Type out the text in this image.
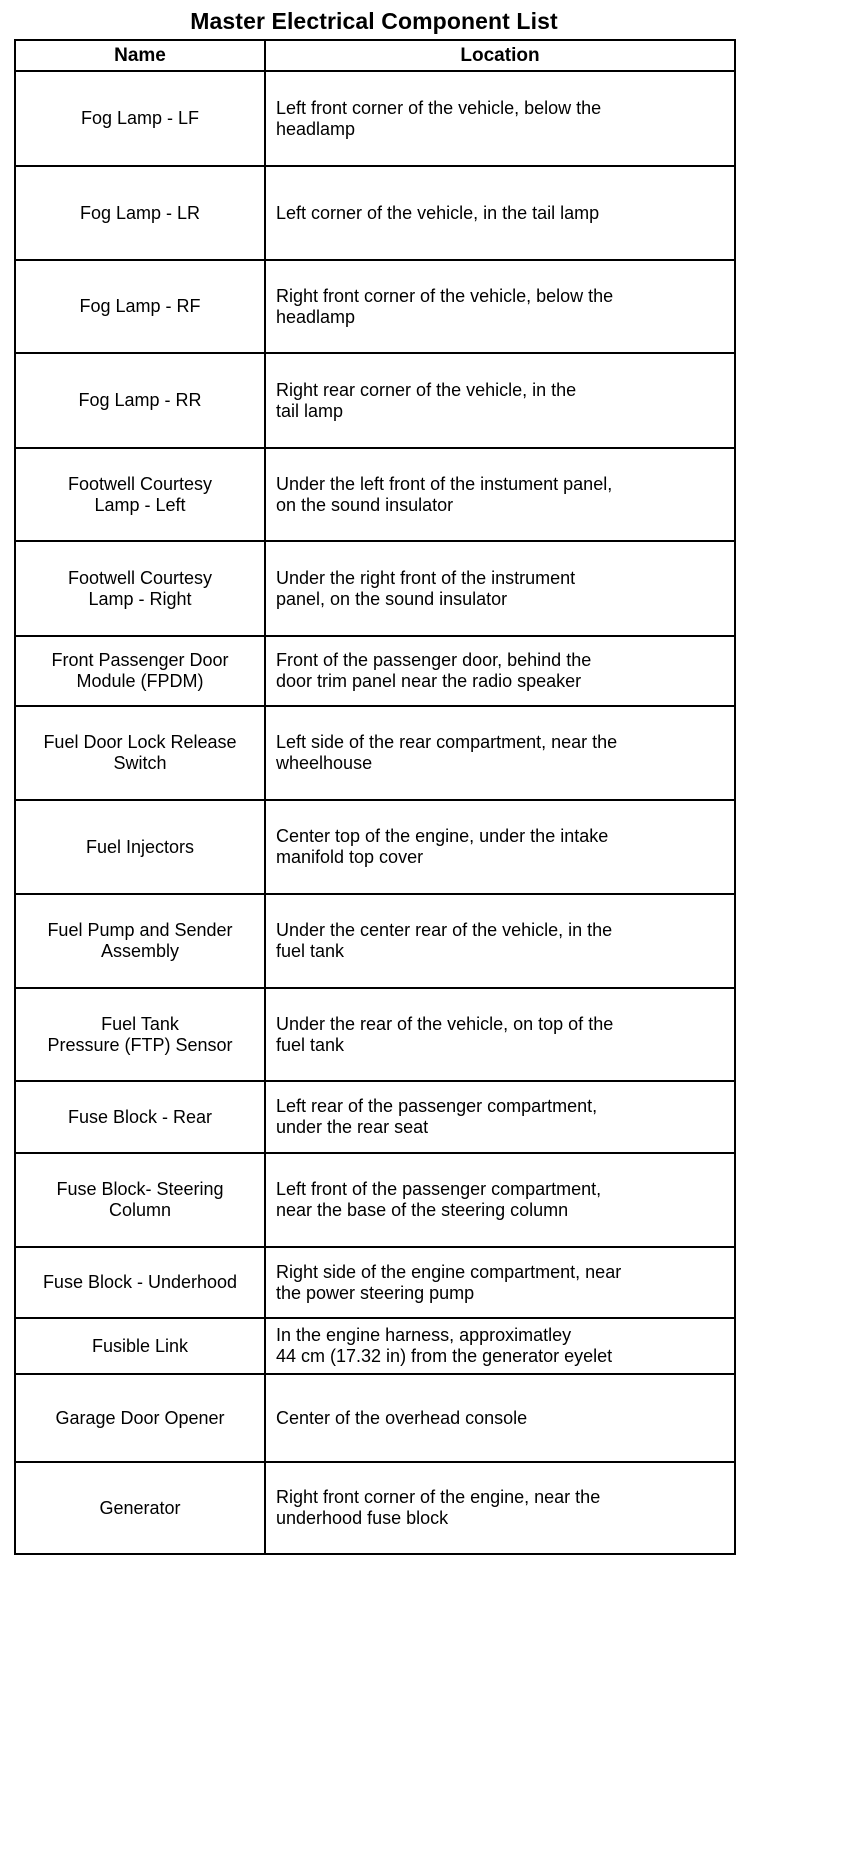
Master Electrical Component List
Name	Location
Fog Lamp - LF	Left front corner of the vehicle, below the
headlamp
Fog Lamp - LR	Left corner of the vehicle, in the tail lamp
Fog Lamp - RF	Right front corner of the vehicle, below the
headlamp
Fog Lamp - RR	Right rear corner of the vehicle, in the
tail lamp
Footwell Courtesy
Lamp - Left	Under the left front of the instument panel,
on the sound insulator
Footwell Courtesy
Lamp - Right	Under the right front of the instrument
panel, on the sound insulator
Front Passenger Door
Module (FPDM)	Front of the passenger door, behind the
door trim panel near the radio speaker
Fuel Door Lock Release
Switch	Left side of the rear compartment, near the
wheelhouse
Fuel Injectors	Center top of the engine, under the intake
manifold top cover
Fuel Pump and Sender
Assembly	Under the center rear of the vehicle, in the
fuel tank
Fuel Tank
Pressure (FTP) Sensor	Under the rear of the vehicle, on top of the
fuel tank
Fuse Block - Rear	Left rear of the passenger compartment,
under the rear seat
Fuse Block- Steering
Column	Left front of the passenger compartment,
near the base of the steering column
Fuse Block - Underhood	Right side of the engine compartment, near
the power steering pump
Fusible Link	In the engine harness, approximatley
44 cm (17.32 in) from the generator eyelet
Garage Door Opener	Center of the overhead console
Generator	Right front corner of the engine, near the
underhood fuse block
